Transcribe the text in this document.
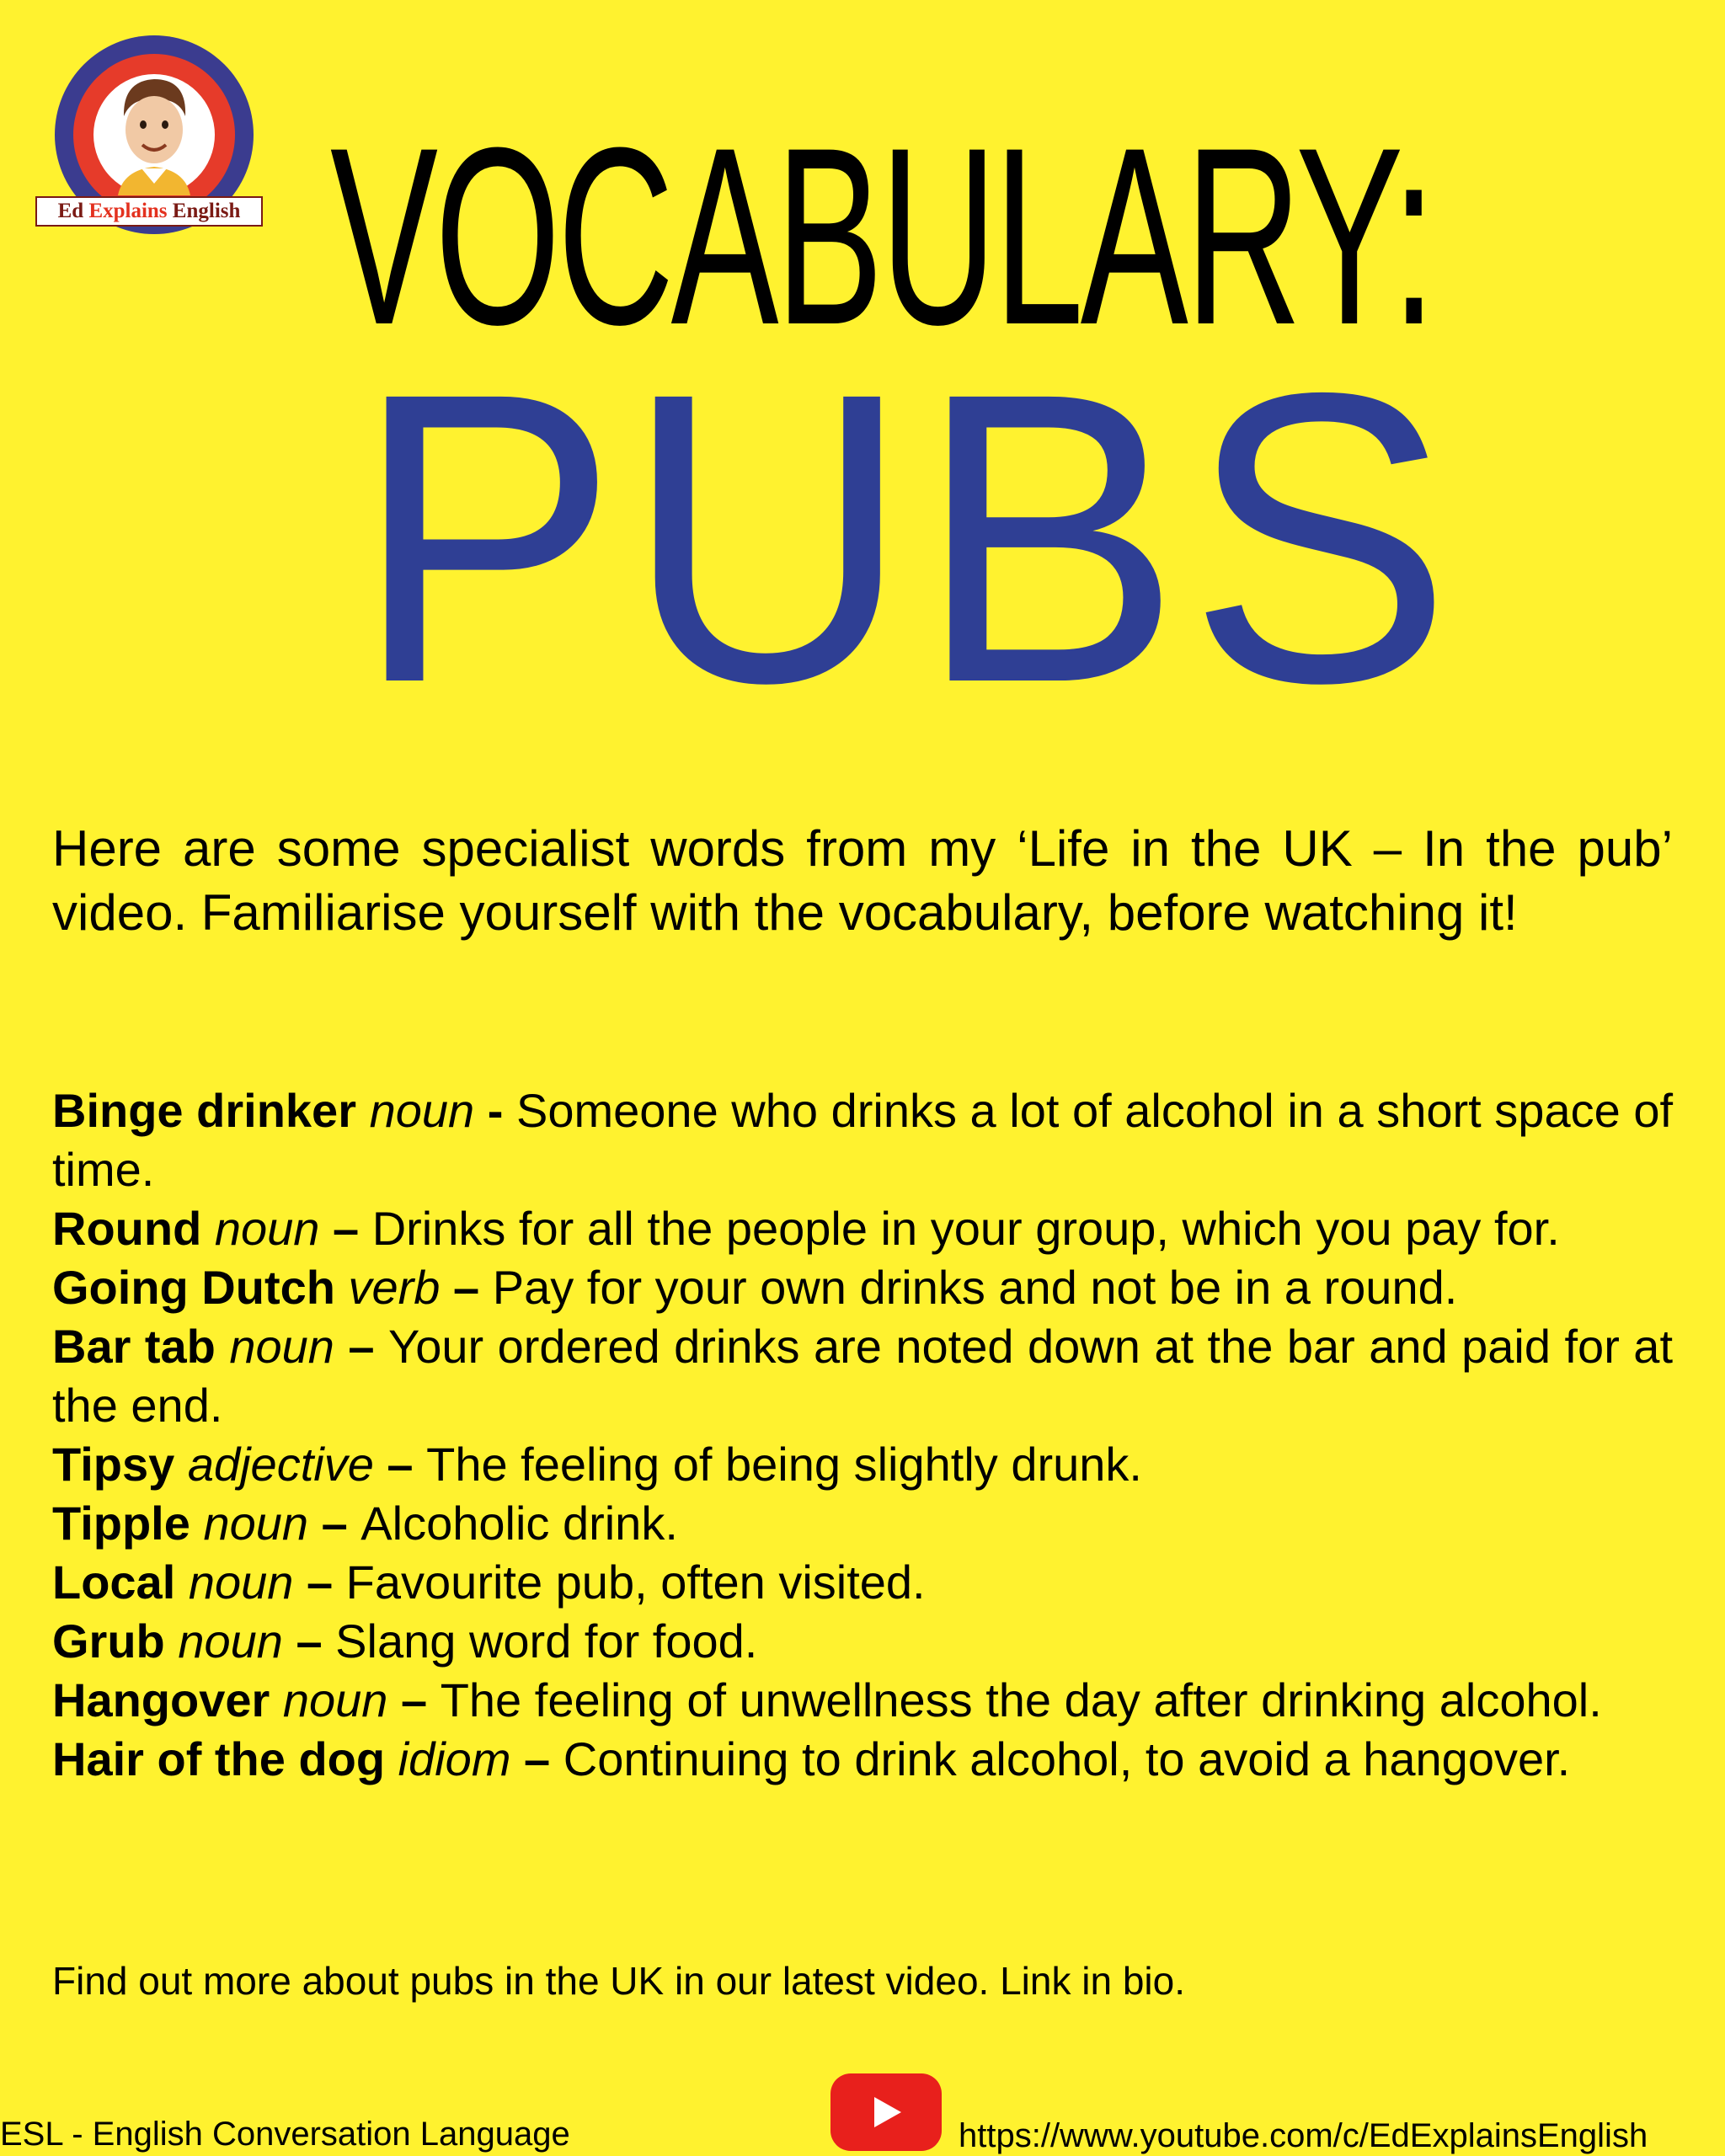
Ed Explains English VOCABULARY:
PUBS

Here are some specialist words from my ‘Life in the UK – In the pub’ video. Familiarise yourself with the vocabulary, before watching it!

Binge drinker noun - Someone who drinks a lot of alcohol in a short space of time.
Round noun – Drinks for all the people in your group, which you pay for.
Going Dutch verb – Pay for your own drinks and not be in a round.
Bar tab noun – Your ordered drinks are noted down at the bar and paid for at the end.
Tipsy adjective – The feeling of being slightly drunk.
Tipple noun – Alcoholic drink.
Local noun – Favourite pub, often visited.
Grub noun – Slang word for food.
Hangover noun – The feeling of unwellness the day after drinking alcohol.
Hair of the dog idiom – Continuing to drink alcohol, to avoid a hangover.

Find out more about pubs in the UK in our latest video. Link in bio.

ESL - English Conversation Language	https://www.youtube.com/c/EdExplainsEnglish
